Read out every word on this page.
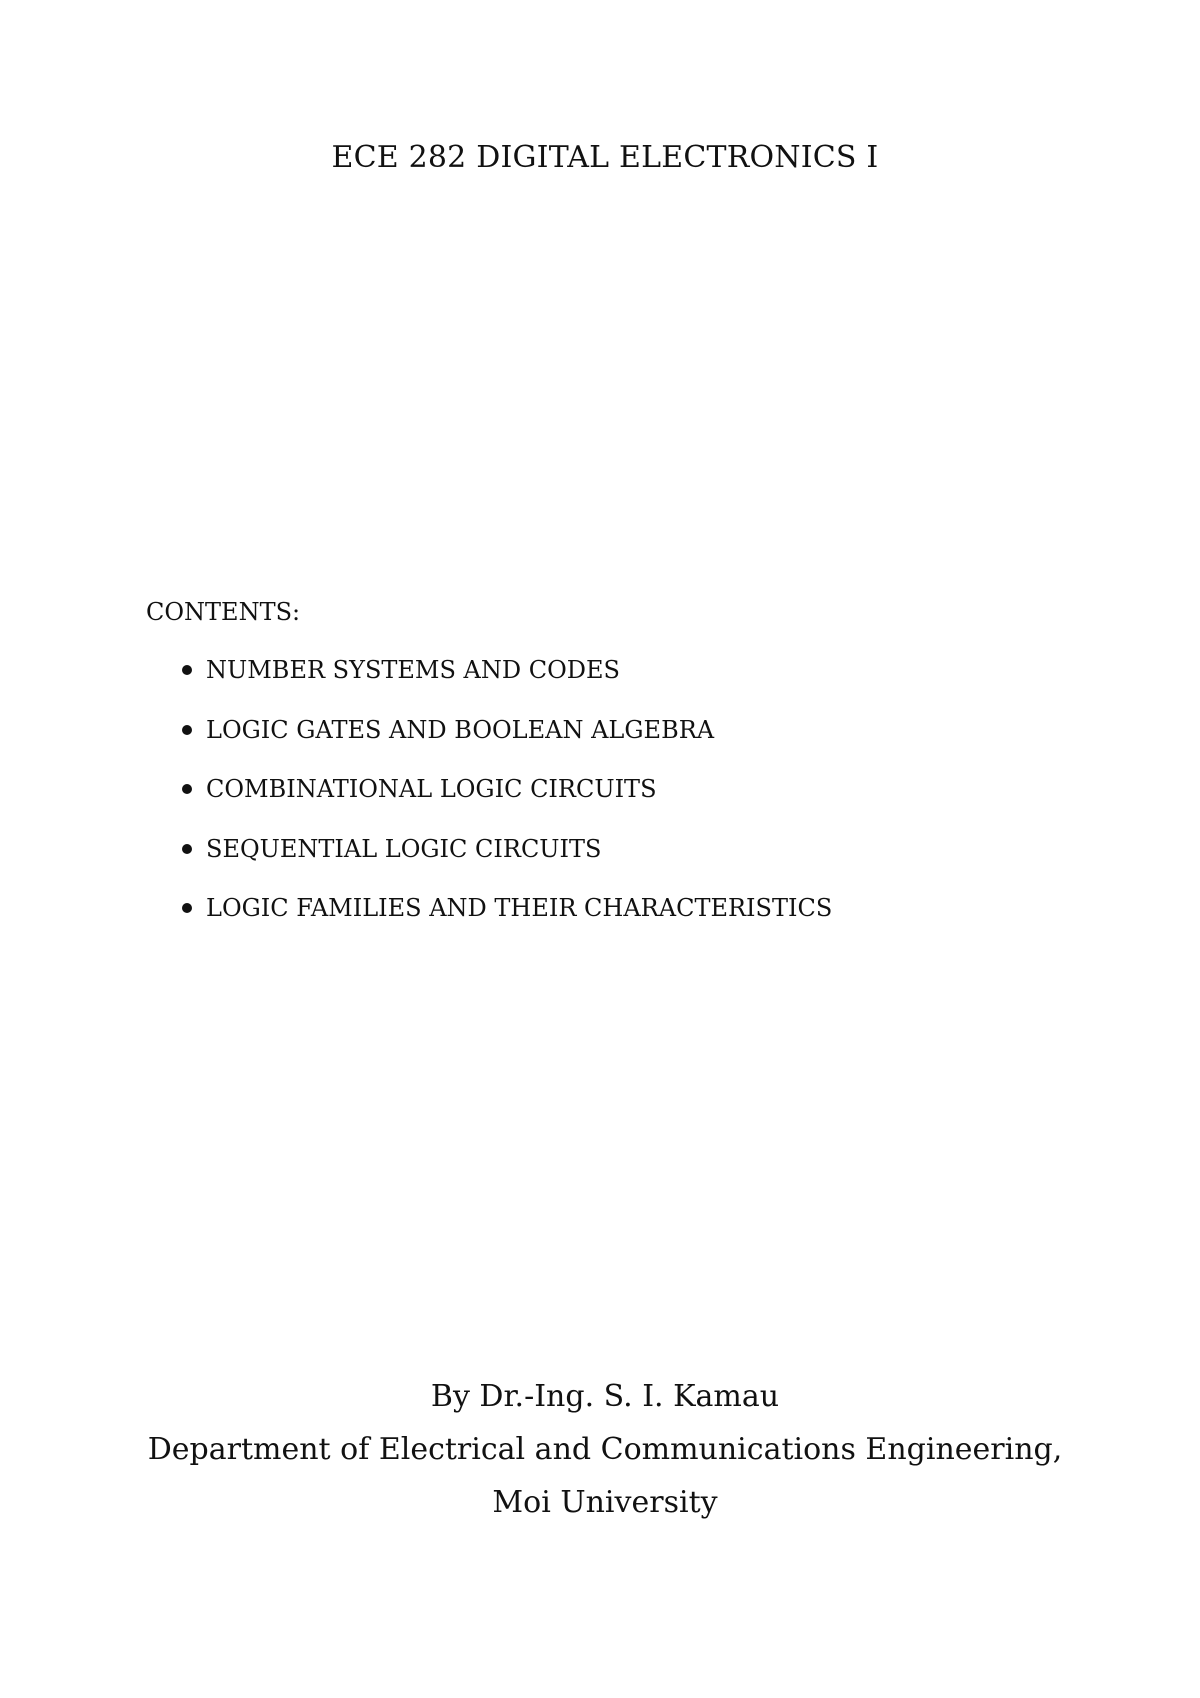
ECE 282 DIGITAL ELECTRONICS I

CONTENTS:

NUMBER SYSTEMS AND CODES
LOGIC GATES AND BOOLEAN ALGEBRA
COMBINATIONAL LOGIC CIRCUITS
SEQUENTIAL LOGIC CIRCUITS
LOGIC FAMILIES AND THEIR CHARACTERISTICS
By Dr.-Ing. S. I. Kamau
Department of Electrical and Communications Engineering,
Moi University
